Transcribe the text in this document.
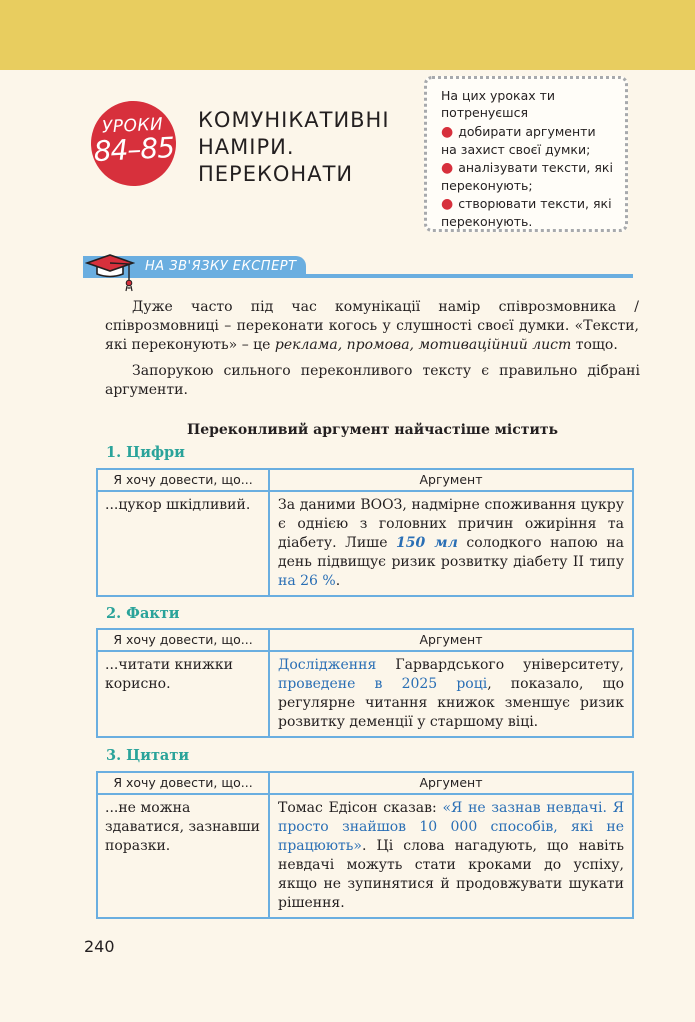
УРОКИ
84–85
КОМУНІКАТИВНІ
НАМІРИ.
ПЕРЕКОНАТИ
На цих уроках ти потренуєшся
● добирати аргументи на захист своєї думки;
● аналізувати тексти, які переконують;
● створювати тексти, які переконують.
НА ЗВ'ЯЗКУ ЕКСПЕРТ

Дуже часто під час комунікації намір співрозмовника / співрозмовниці – переконати когось у слушності своєї думки. «Тексти, які переконують» – це реклама, промова, мотиваційний лист тощо.

Запорукою сильного переконливого тексту є правильно дібрані аргументи.

Переконливий аргумент найчастіше містить
1. Цифри
Я хочу довести, що...	Аргумент
...цукор шкідливий.	За даними ВООЗ, надмірне споживання цукру є однією з головних причин ожиріння та діабету. Лише 150 мл солодкого напою на день підвищує ризик розвитку діабету II типу на 26 %.
2. Факти
Я хочу довести, що...	Аргумент
...читати книжки корисно.	Дослідження Гарвардського університету, проведене в 2025 році, показало, що регулярне читання книжок зменшує ризик розвитку деменції у старшому віці.
3. Цитати
Я хочу довести, що...	Аргумент
...не можна здаватися, зазнавши поразки.	Томас Едісон сказав: «Я не зазнав невдачі. Я просто знайшов 10 000 способів, які не працюють». Ці слова нагадують, що навіть невдачі можуть стати кроками до успіху, якщо не зупинятися й продовжувати шукати рішення.
240
